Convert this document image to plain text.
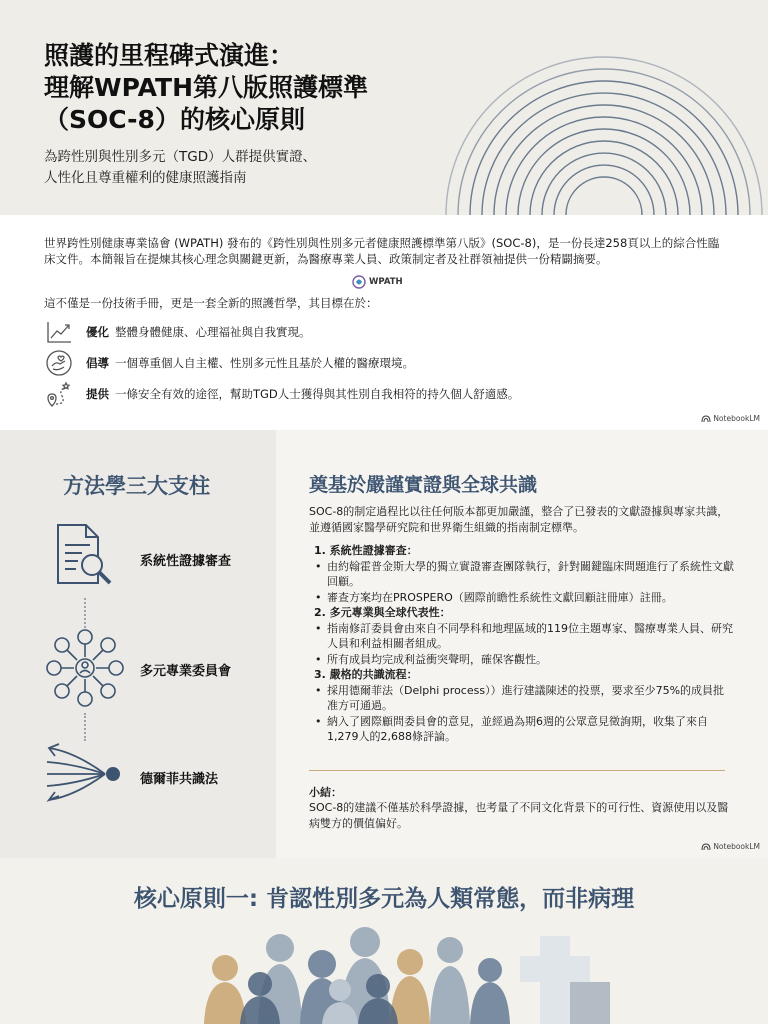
照護的里程碑式演進：
理解WPATH第八版照護標準
（SOC-8）的核心原則

為跨性別與性別多元（TGD）人群提供實證、
人性化且尊重權利的健康照護指南

世界跨性別健康專業協會 (WPATH) 發布的《跨性別與性別多元者健康照護標準第八版》(SOC-8)，是一份長達258頁以上的綜合性臨床文件。本簡報旨在提煉其核心理念與關鍵更新，為醫療專業人員、政策制定者及社群領袖提供一份精闢摘要。

WPATH

這不僅是一份技術手冊，更是一套全新的照護哲學，其目標在於：

優化 整體身體健康、心理福祉與自我實現。
倡導 一個尊重個人自主權、性別多元性且基於人權的醫療環境。
提供 一條安全有效的途徑，幫助TGD人士獲得與其性別自我相符的持久個人舒適感。
NotebookLM
方法學三大支柱
系統性證據審查
多元專業委員會
德爾菲共識法
奠基於嚴謹實證與全球共識

SOC-8的制定過程比以往任何版本都更加嚴謹，整合了已發表的文獻證據與專家共識，並遵循國家醫學研究院和世界衛生組織的指南制定標準。

1. 系統性證據審查：
• 由約翰霍普金斯大學的獨立實證審查團隊執行，針對關鍵臨床問題進行了系統性文獻回顧。
• 審查方案均在PROSPERO（國際前瞻性系統性文獻回顧註冊庫）註冊。
2. 多元專業與全球代表性：
• 指南修訂委員會由來自不同學科和地理區域的119位主題專家、醫療專業人員、研究人員和利益相關者組成。
• 所有成員均完成利益衝突聲明，確保客觀性。
3. 嚴格的共識流程：
• 採用德爾菲法（Delphi process））進行建議陳述的投票，要求至少75%的成員批准方可通過。
• 納入了國際顧問委員會的意見，並經過為期6週的公眾意見徵詢期，收集了來自1,279人的2,688條評論。
小結：

SOC-8的建議不僅基於科學證據，也考量了不同文化背景下的可行性、資源使用以及醫病雙方的價值偏好。

NotebookLM
核心原則一: 肯認性別多元為人類常態，而非病理
